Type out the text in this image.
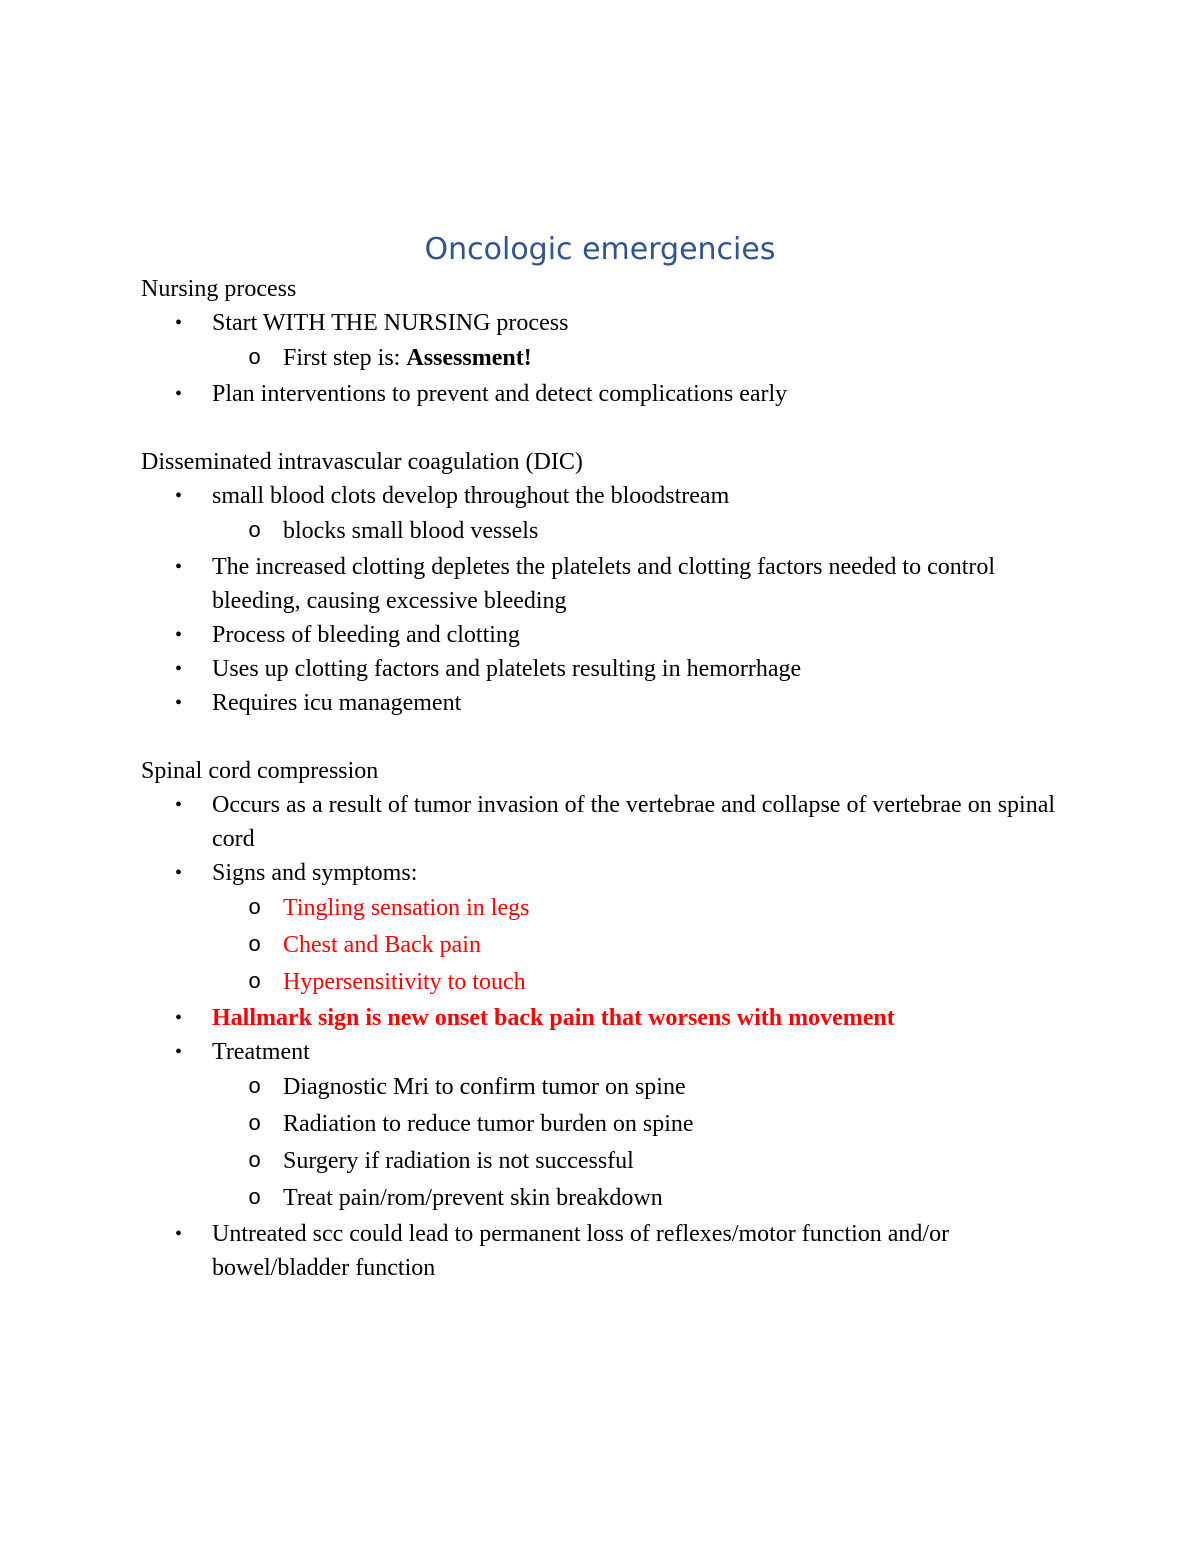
Oncologic emergencies

Nursing process

•	Start WITH THE NURSING process
o First step is: Assessment!
•	Plan interventions to prevent and detect complications early

Disseminated intravascular coagulation (DIC)

•	small blood clots develop throughout the bloodstream
o blocks small blood vessels
•	The increased clotting depletes the platelets and clotting factors needed to control bleeding, causing excessive bleeding
•	Process of bleeding and clotting
•	Uses up clotting factors and platelets resulting in hemorrhage
•	Requires icu management

Spinal cord compression

•	Occurs as a result of tumor invasion of the vertebrae and collapse of vertebrae on spinal cord
•	Signs and symptoms:
o Tingling sensation in legs
o Chest and Back pain
o Hypersensitivity to touch
•	Hallmark sign is new onset back pain that worsens with movement
•	Treatment
o Diagnostic Mri to confirm tumor on spine
o Radiation to reduce tumor burden on spine
o Surgery if radiation is not successful
o Treat pain/rom/prevent skin breakdown
•	Untreated scc could lead to permanent loss of reflexes/motor function and/or bowel/bladder function
